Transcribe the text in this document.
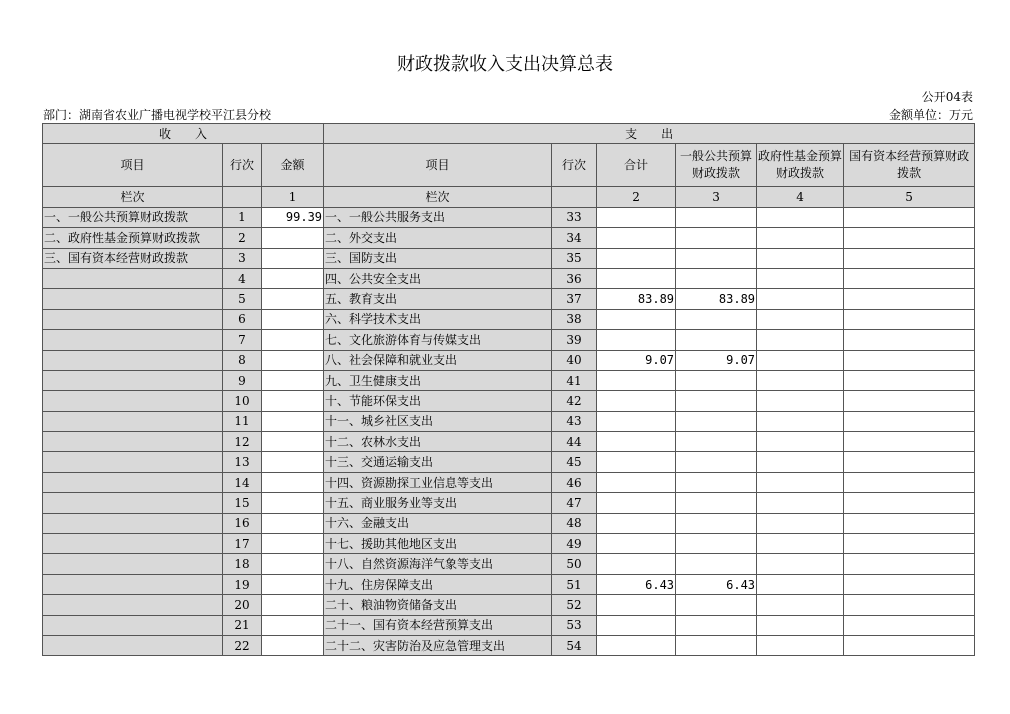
财政拨款收入支出决算总表
公开04表
部门：湖南省农业广播电视学校平江县分校	金额单位：万元
收　　入			支　　出					
项目	行次	金额	项目	行次	合计	一般公共预算财政拨款	政府性基金预算财政拨款	国有资本经营预算财政拨款
栏次		1	栏次		2	3	4	5
一、一般公共预算财政拨款	1	99.39	一、一般公共服务支出	33				
二、政府性基金预算财政拨款	2		二、外交支出	34				
三、国有资本经营财政拨款	3		三、国防支出	35				
	4		四、公共安全支出	36				
	5		五、教育支出	37	83.89	83.89		
	6		六、科学技术支出	38				
	7		七、文化旅游体育与传媒支出	39				
	8		八、社会保障和就业支出	40	9.07	9.07		
	9		九、卫生健康支出	41				
	10		十、节能环保支出	42				
	11		十一、城乡社区支出	43				
	12		十二、农林水支出	44				
	13		十三、交通运输支出	45				
	14		十四、资源勘探工业信息等支出	46				
	15		十五、商业服务业等支出	47				
	16		十六、金融支出	48				
	17		十七、援助其他地区支出	49				
	18		十八、自然资源海洋气象等支出	50				
	19		十九、住房保障支出	51	6.43	6.43		
	20		二十、粮油物资储备支出	52				
	21		二十一、国有资本经营预算支出	53				
	22		二十二、灾害防治及应急管理支出	54				
